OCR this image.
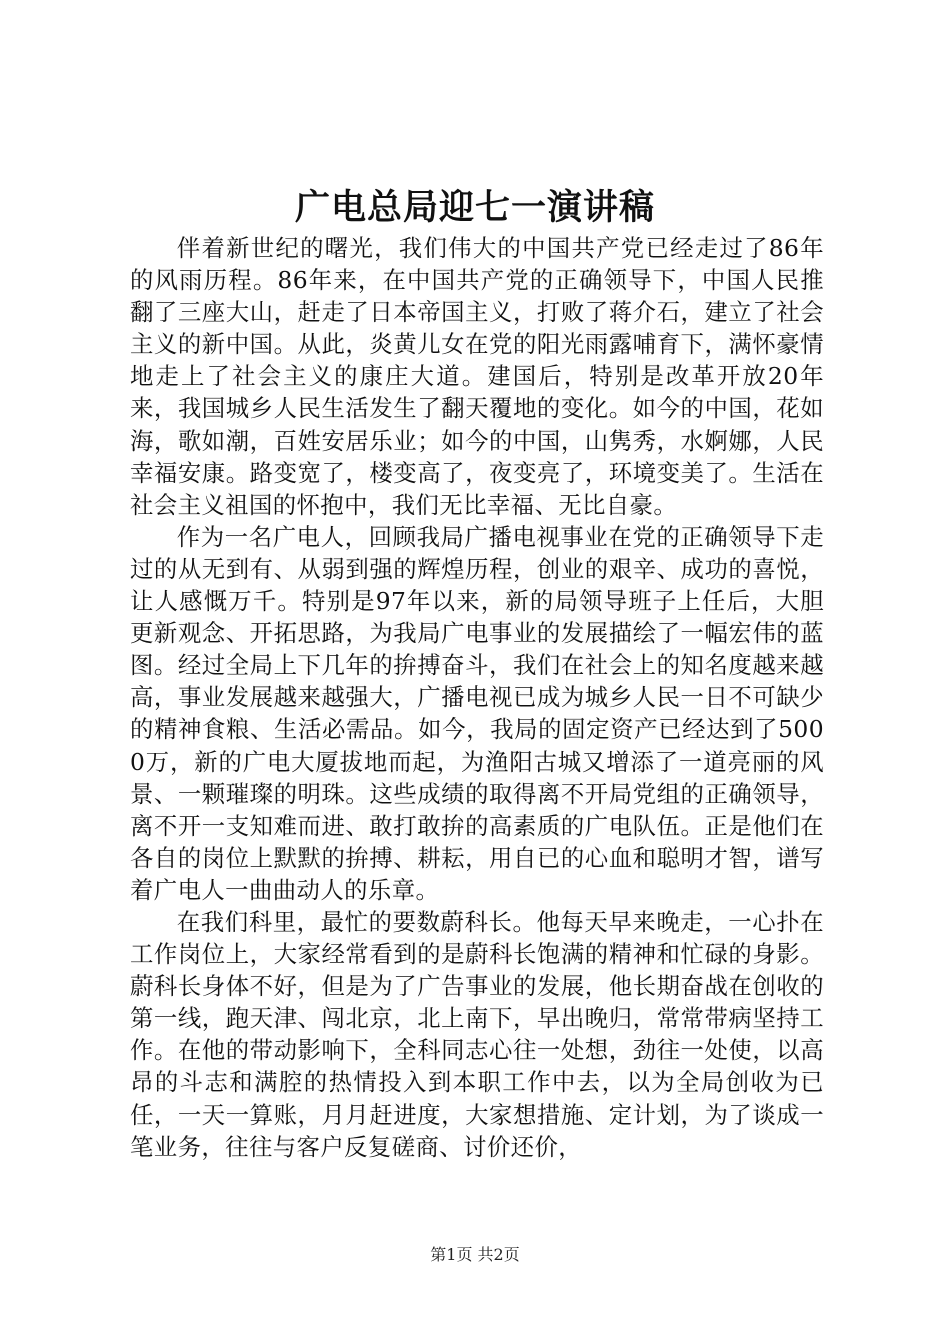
广电总局迎七一演讲稿

伴着新世纪的曙光，我们伟大的中国共产党已经走过了86年的风雨历程。86年来，在中国共产党的正确领导下，中国人民推翻了三座大山，赶走了日本帝国主义，打败了蒋介石，建立了社会主义的新中国。从此，炎黄儿女在党的阳光雨露哺育下，满怀豪情地走上了社会主义的康庄大道。建国后，特别是改革开放20年来，我国城乡人民生活发生了翻天覆地的变化。如今的中国，花如海，歌如潮，百姓安居乐业；如今的中国，山隽秀，水婀娜，人民幸福安康。路变宽了，楼变高了，夜变亮了，环境变美了。生活在社会主义祖国的怀抱中，我们无比幸福、无比自豪。

作为一名广电人，回顾我局广播电视事业在党的正确领导下走过的从无到有、从弱到强的辉煌历程，创业的艰辛、成功的喜悦，让人感慨万千。特别是97年以来，新的局领导班子上任后，大胆更新观念、开拓思路，为我局广电事业的发展描绘了一幅宏伟的蓝图。经过全局上下几年的拚搏奋斗，我们在社会上的知名度越来越高，事业发展越来越强大，广播电视已成为城乡人民一日不可缺少的精神食粮、生活必需品。如今，我局的固定资产已经达到了5000万，新的广电大厦拔地而起，为渔阳古城又增添了一道亮丽的风景、一颗璀璨的明珠。这些成绩的取得离不开局党组的正确领导，离不开一支知难而进、敢打敢拚的高素质的广电队伍。正是他们在各自的岗位上默默的拚搏、耕耘，用自已的心血和聪明才智，谱写着广电人一曲曲动人的乐章。

在我们科里，最忙的要数蔚科长。他每天早来晚走，一心扑在工作岗位上，大家经常看到的是蔚科长饱满的精神和忙碌的身影。蔚科长身体不好，但是为了广告事业的发展，他长期奋战在创收的第一线，跑天津、闯北京，北上南下，早出晚归，常常带病坚持工作。在他的带动影响下，全科同志心往一处想，劲往一处使，以高昂的斗志和满腔的热情投入到本职工作中去，以为全局创收为已任，一天一算账，月月赶进度，大家想措施、定计划，为了谈成一笔业务，往往与客户反复磋商、讨价还价，

第1页 共2页
